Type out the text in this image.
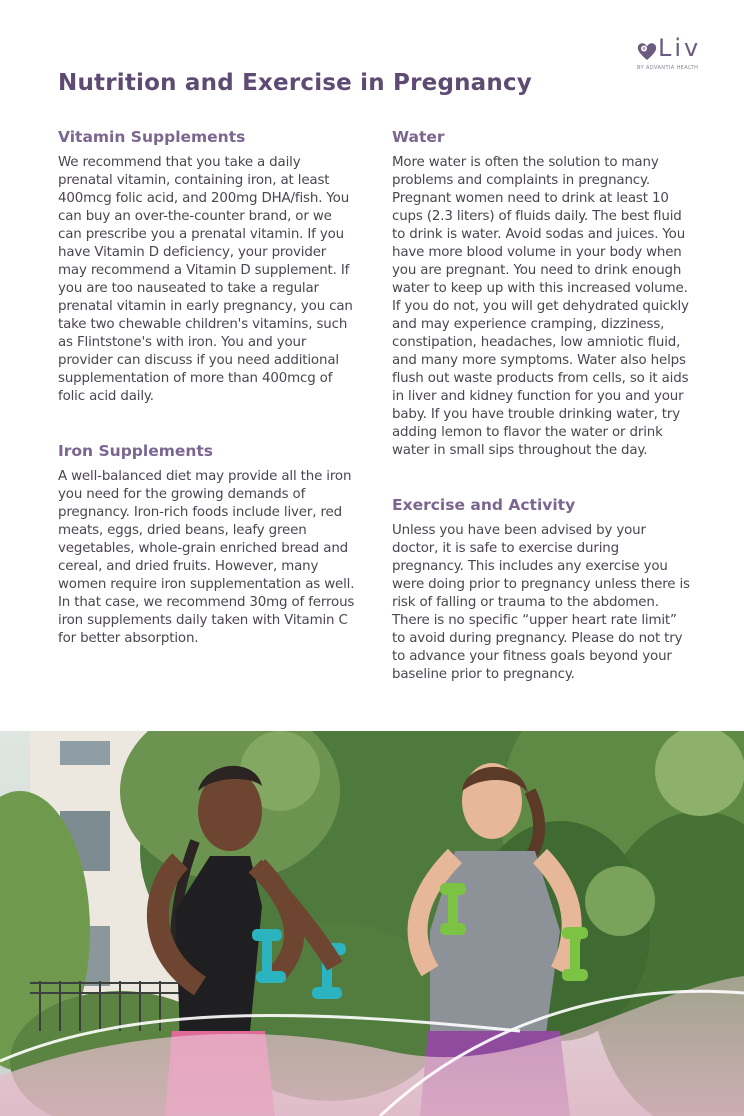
Liv
BY ADVANTIA HEALTH
Nutrition and Exercise in Pregnancy
Vitamin Supplements

We recommend that you take a daily prenatal vitamin, containing iron, at least 400mcg folic acid, and 200mg DHA/fish. You can buy an over-the-counter brand, or we can prescribe you a prenatal vitamin. If you have Vitamin D deficiency, your provider may recommend a Vitamin D supplement. If you are too nauseated to take a regular prenatal vitamin in early pregnancy, you can take two chewable children's vitamins, such as Flintstone's with iron. You and your provider can discuss if you need additional supplementation of more than 400mcg of folic acid daily.

Iron Supplements

A well-balanced diet may provide all the iron you need for the growing demands of pregnancy. Iron-rich foods include liver, red meats, eggs, dried beans, leafy green vegetables, whole-grain enriched bread and cereal, and dried fruits. However, many women require iron supplementation as well. In that case, we recommend 30mg of ferrous iron supplements daily taken with Vitamin C for better absorption.

Water

More water is often the solution to many problems and complaints in pregnancy. Pregnant women need to drink at least 10 cups (2.3 liters) of fluids daily. The best fluid to drink is water. Avoid sodas and juices. You have more blood volume in your body when you are pregnant. You need to drink enough water to keep up with this increased volume. If you do not, you will get dehydrated quickly and may experience cramping, dizziness, constipation, headaches, low amniotic fluid, and many more symptoms. Water also helps flush out waste products from cells, so it aids in liver and kidney function for you and your baby. If you have trouble drinking water, try adding lemon to flavor the water or drink water in small sips throughout the day.

Exercise and Activity

Unless you have been advised by your doctor, it is safe to exercise during pregnancy. This includes any exercise you were doing prior to pregnancy unless there is risk of falling or trauma to the abdomen. There is no specific “upper heart rate limit” to avoid during pregnancy. Please do not try to advance your fitness goals beyond your baseline prior to pregnancy.
